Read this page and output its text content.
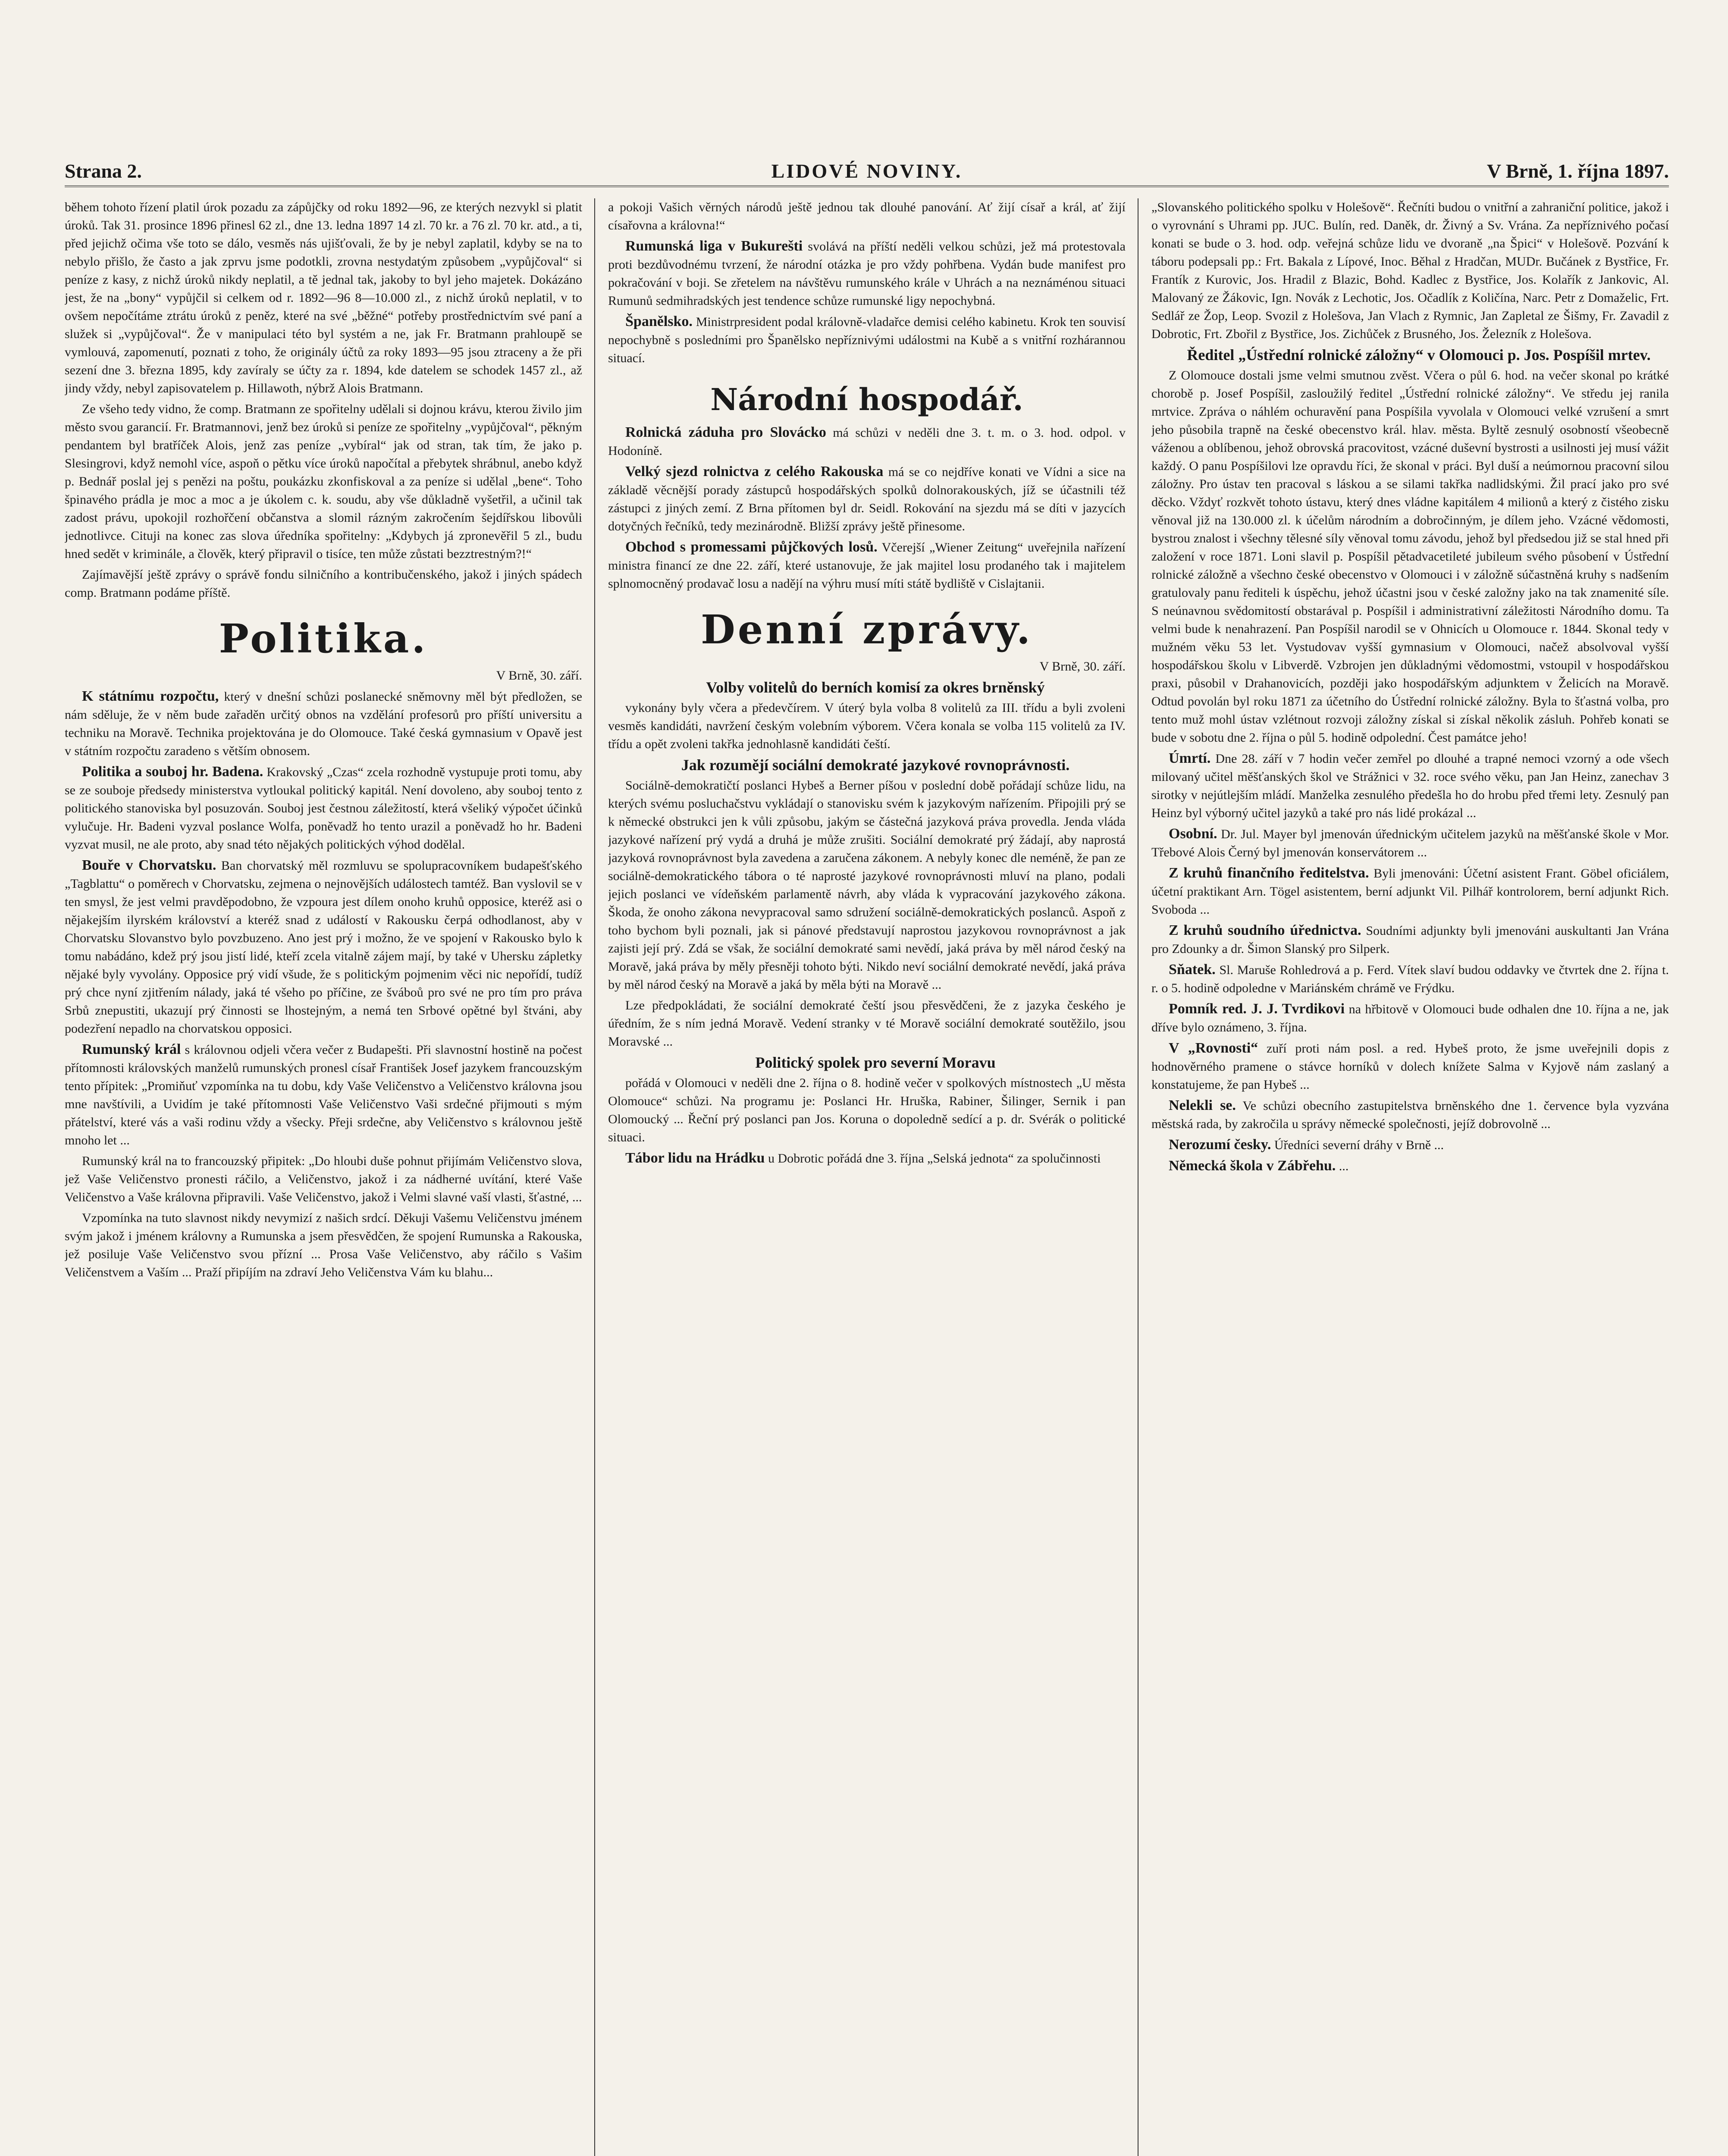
Strana 2.	LIDOVÉ NOVINY.	V Brně, 1. října 1897.

během tohoto řízení platil úrok pozadu za zápůjčky od roku 1892—96, ze kterých nezvykl si platit úroků. Tak 31. prosince 1896 přinesl 62 zl., dne 13. ledna 1897 14 zl. 70 kr. a 76 zl. 70 kr. atd., a ti, před jejichž očima vše toto se dálo, vesměs nás ujišťovali, že by je nebyl zaplatil, kdyby se na to nebylo přišlo, že často a jak zprvu jsme podotkli, zrovna nestydatým způsobem „vypůjčoval“ si peníze z kasy, z nichž úroků nikdy neplatil, a tě jednal tak, jakoby to byl jeho majetek. Dokázáno jest, že na „bony“ vypůjčil si celkem od r. 1892—96 8—10.000 zl., z nichž úroků neplatil, v to ovšem nepočítáme ztrátu úroků z peněz, které na své „běžné“ potřeby prostřednictvím své paní a služek si „vypůjčoval“. Že v manipulaci této byl systém a ne, jak Fr. Bratmann prahloupě se vymlouvá, zapomenutí, poznati z toho, že originály účtů za roky 1893—95 jsou ztraceny a že při sezení dne 3. března 1895, kdy zavíraly se účty za r. 1894, kde datelem se schodek 1457 zl., až jindy vždy, nebyl zapisovatelem p. Hillawoth, nýbrž Alois Bratmann.

Ze všeho tedy vidno, že comp. Bratmann ze spořitelny udělali si dojnou krávu, kterou živilo jim město svou garancií. Fr. Bratmannovi, jenž bez úroků si peníze ze spořitelny „vypůjčoval“, pěkným pendantem byl bratříček Alois, jenž zas peníze „vybíral“ jak od stran, tak tím, že jako p. Slesingrovi, když nemohl více, aspoň o pětku více úroků napočítal a přebytek shrábnul, anebo když p. Bednář poslal jej s penězi na poštu, poukázku zkonfiskoval a za peníze si udělal „bene“. Toho špinavého prádla je moc a moc a je úkolem c. k. soudu, aby vše důkladně vyšetřil, a učinil tak zadost právu, upokojil rozhořčení občanstva a slomil rázným zakročením šejdířskou libovůli jednotlivce. Cituji na konec zas slova úředníka spořitelny: „Kdybych já zpronevěřil 5 zl., budu hned sedět v kriminále, a člověk, který připravil o tisíce, ten může zůstati bezztrestným?!“

Zajímavější ještě zprávy o správě fondu silničního a kontribučenského, jakož i jiných spádech comp. Bratmann podáme příště.

Politika.

V Brně, 30. září.

K státnímu rozpočtu, který v dnešní schůzi poslanecké sněmovny měl být předložen, se nám sděluje, že v něm bude zařaděn určitý obnos na vzdělání profesorů pro příští universitu a techniku na Moravě. Technika projektována je do Olomouce. Také česká gymnasium v Opavě jest v státním rozpočtu zaradeno s větším obnosem.

Politika a souboj hr. Badena. Krakovský „Czas“ zcela rozhodně vystupuje proti tomu, aby se ze souboje předsedy ministerstva vytloukal politický kapitál. Není dovoleno, aby souboj tento z politického stanoviska byl posuzován. Souboj jest čestnou záležitostí, která všeliký výpočet účinků vylučuje. Hr. Badeni vyzval poslance Wolfa, poněvadž ho tento urazil a poněvadž ho hr. Badeni vyzvat musil, ne ale proto, aby snad této nějakých politických výhod dodělal.

Bouře v Chorvatsku. Ban chorvatský měl rozmluvu se spolupracovníkem budapešťského „Tagblattu“ o poměrech v Chorvatsku, zejmena o nejnovějších událostech tamtéž. Ban vyslovil se v ten smysl, že jest velmi pravděpodobno, že vzpoura jest dílem onoho kruhů opposice, kteréž asi o nějakejším ilyrském království a kteréž snad z událostí v Rakousku čerpá odhodlanost, aby v Chorvatsku Slovanstvo bylo povzbuzeno. Ano jest prý i možno, že ve spojení v Rakousko bylo k tomu nabádáno, kdež prý jsou jistí lidé, kteří zcela vitalně zájem mají, by také v Uhersku zápletky nějaké byly vyvolány. Opposice prý vidí všude, že s politickým pojmenim věci nic nepořídí, tudíž prý chce nyní zjitřením nálady, jaká té všeho po příčine, ze šváboů pro své ne pro tím pro práva Srbů znepustiti, ukazují prý činnosti se lhostejným, a nemá ten Srbové opětné byl štváni, aby podezření nepadlo na chorvatskou opposici.

Rumunský král s královnou odjeli včera večer z Budapešti. Při slavnostní hostině na počest přítomnosti královských manželů rumunských pronesl císař František Josef jazykem francouzským tento přípitek: „Promiňuť vzpomínka na tu dobu, kdy Vaše Veličenstvo a Veličenstvo královna jsou mne navštívili, a Uvidím je také přítomnosti Vaše Veličenstvo Vaši srdečné přijmouti s mým přátelství, které vás a vaši rodinu vždy a všecky. Přeji srdečne, aby Veličenstvo s královnou ještě mnoho let ...

Rumunský král na to francouzský připitek: „Do hloubi duše pohnut přijímám Veličenstvo slova, jež Vaše Veličenstvo pronesti ráčilo, a Veličenstvo, jakož i za nádherné uvítání, které Vaše Veličenstvo a Vaše královna připravili. Vaše Veličenstvo, jakož i Velmi slavné vaší vlasti, šťastné, ...

Vzpomínka na tuto slavnost nikdy nevymizí z našich srdcí. Děkuji Vašemu Veličenstvu jménem svým jakož i jménem královny a Rumunska a jsem přesvědčen, že spojení Rumunska a Rakouska, jež posiluje Vaše Veličenstvo svou přízní ... Prosa Vaše Veličenstvo, aby ráčilo s Vašim Veličenstvem a Vaším ... Praží připíjím na zdraví Jeho Veličenstva Vám ku blahu...

a pokoji Vašich věrných národů ještě jednou tak dlouhé panování. Ať žijí císař a král, ať žijí císařovna a královna!“

Rumunská liga v Bukurešti svolává na příští neděli velkou schůzi, jež má protestovala proti bezdůvodnému tvrzení, že národní otázka je pro vždy pohřbena. Vydán bude manifest pro pokračování v boji. Se zřetelem na návštěvu rumunského krále v Uhrách a na neznáménou situaci Rumunů sedmihradských jest tendence schůze rumunské ligy nepochybná.

Španělsko. Ministrpresident podal královně-vladařce demisi celého kabinetu. Krok ten souvisí nepochybně s posledními pro Španělsko nepříznivými událostmi na Kubě a s vnitřní rozhárannou situací.

Národní hospodář.

Rolnická záduha pro Slovácko má schůzi v neděli dne 3. t. m. o 3. hod. odpol. v Hodoníně.

Velký sjezd rolnictva z celého Rakouska má se co nejdříve konati ve Vídni a sice na základě věcnější porady zástupců hospodářských spolků dolnorakouských, jíž se účastnili též zástupci z jiných zemí. Z Brna přítomen byl dr. Seidl. Rokování na sjezdu má se díti v jazycích dotyčných řečníků, tedy mezinárodně. Bližší zprávy ještě přinesome.

Obchod s promessami půjčkových losů. Včerejší „Wiener Zeitung“ uveřejnila nařízení ministra financí ze dne 22. září, které ustanovuje, že jak majitel losu prodaného tak i majitelem splnomocněný prodavač losu a nadějí na výhru musí míti státě bydliště v Cislajtanii.

Denní zprávy.

V Brně, 30. září.

Volby volitelů do berních komisí za okres brněnský

vykonány byly včera a předevčírem. V úterý byla volba 8 volitelů za III. třídu a byli zvoleni vesměs kandidáti, navržení českým volebním výborem. Včera konala se volba 115 volitelů za IV. třídu a opět zvoleni takřka jednohlasně kandidáti čeští.

Jak rozumějí sociální demokraté jazykové rovnoprávnosti.

Sociálně-demokratičtí poslanci Hybeš a Berner píšou v poslední době pořádají schůze lidu, na kterých svému posluchačstvu vykládají o stanovisku svém k jazykovým nařízením. Připojili prý se k německé obstrukci jen k vůli způsobu, jakým se částečná jazyková práva provedla. Jenda vláda jazykové nařízení prý vydá a druhá je může zrušiti. Sociální demokraté prý žádají, aby naprostá jazyková rovnoprávnost byla zavedena a zaručena zákonem. A nebyly konec dle neméně, že pan ze sociálně-demokratického tábora o té naprosté jazykové rovnoprávnosti mluví na plano, podali jejich poslanci ve vídeňském parlamentě návrh, aby vláda k vypracování jazykového zákona. Škoda, že onoho zákona nevypracoval samo sdružení sociálně-demokratických poslanců. Aspoň z toho bychom byli poznali, jak si pánové představují naprostou jazykovou rovnoprávnost a jak zajisti její prý. Zdá se však, že sociální demokraté sami nevědí, jaká práva by měl národ český na Moravě, jaká práva by měly přesněji tohoto býti. Nikdo neví sociální demokraté nevědí, jaká práva by měl národ český na Moravě a jaká by měla býti na Moravě ...

Lze předpokládati, že sociální demokraté čeští jsou přesvědčeni, že z jazyka českého je úředním, že s ním jedná Moravě. Vedení stranky v té Moravě sociální demokraté soutěžilo, jsou Moravské ...

Politický spolek pro severní Moravu

pořádá v Olomouci v neděli dne 2. října o 8. hodině večer v spolkových místnostech „U města Olomouce“ schůzi. Na programu je: Poslanci Hr. Hruška, Rabiner, Šilinger, Sernik i pan Olomoucký ... Řeční prý poslanci pan Jos. Koruna o dopoledně sedící a p. dr. Svérák o politické situaci.

Tábor lidu na Hrádku u Dobrotic pořádá dne 3. října „Selská jednota“ za spolučinnosti

„Slovanského politického spolku v Holešově“. Řečníti budou o vnitřní a zahraniční politice, jakož i o vyrovnání s Uhrami pp. JUC. Bulín, red. Daněk, dr. Živný a Sv. Vrána. Za nepříznivého počasí konati se bude o 3. hod. odp. veřejná schůze lidu ve dvoraně „na Špici“ v Holešově. Pozvání k táboru podepsali pp.: Frt. Bakala z Lípové, Inoc. Běhal z Hradčan, MUDr. Bučánek z Bystřice, Fr. Frantík z Kurovic, Jos. Hradil z Blazic, Bohd. Kadlec z Bystřice, Jos. Kolařík z Jankovic, Al. Malovaný ze Žákovic, Ign. Novák z Lechotic, Jos. Očadlík z Količína, Narc. Petr z Domaželic, Frt. Sedlář ze Žop, Leop. Svozil z Holešova, Jan Vlach z Rymnic, Jan Zapletal ze Šišmy, Fr. Zavadil z Dobrotic, Frt. Zbořil z Bystřice, Jos. Zichůček z Brusného, Jos. Železník z Holešova.

Ředitel „Ústřední rolnické záložny“ v Olomouci p. Jos. Pospíšil mrtev.

Z Olomouce dostali jsme velmi smutnou zvěst. Včera o půl 6. hod. na večer skonal po krátké chorobě p. Josef Pospíšil, zasloužilý ředitel „Ústřední rolnické záložny“. Ve středu jej ranila mrtvice. Zpráva o náhlém ochuravění pana Pospíšila vyvolala v Olomouci velké vzrušení a smrt jeho působila trapně na české obecenstvo král. hlav. města. Byltě zesnulý osobností všeobecně váženou a oblíbenou, jehož obrovská pracovitost, vzácné duševní bystrosti a usilnosti jej musí vážit každý. O panu Pospíšilovi lze opravdu říci, že skonal v práci. Byl duší a neúmornou pracovní silou záložny. Pro ústav ten pracoval s láskou a se silami takřka nadlidskými. Žil prací jako pro své děcko. Vždyť rozkvět tohoto ústavu, který dnes vládne kapitálem 4 milionů a který z čistého zisku věnoval již na 130.000 zl. k účelům národním a dobročinným, je dílem jeho. Vzácné vědomosti, bystrou znalost i všechny tělesné síly věnoval tomu závodu, jehož byl předsedou již se stal hned při založení v roce 1871. Loni slavil p. Pospíšil pětadvacetileté jubileum svého působení v Ústřední rolnické záložně a všechno české obecenstvo v Olomouci i v záložně súčastněná kruhy s nadšením gratulovaly panu řediteli k úspěchu, jehož účastni jsou v české založny jako na tak znamenité síle. S neúnavnou svědomitostí obstarával p. Pospíšil i administrativní záležitosti Národního domu. Ta velmi bude k nenahrazení. Pan Pospíšil narodil se v Ohnicích u Olomouce r. 1844. Skonal tedy v mužném věku 53 let. Vystudovav vyšší gymnasium v Olomouci, načež absolvoval vyšší hospodářskou školu v Libverdě. Vzbrojen jen důkladnými vědomostmi, vstoupil v hospodářskou praxi, působil v Drahanovicích, později jako hospodářským adjunktem v Želicích na Moravě. Odtud povolán byl roku 1871 za účetního do Ústřední rolnické záložny. Byla to šťastná volba, pro tento muž mohl ústav vzlétnout rozvoji záložny získal si získal několik zásluh. Pohřeb konati se bude v sobotu dne 2. října o půl 5. hodině odpolední. Čest památce jeho!

Úmrtí. Dne 28. září v 7 hodin večer zemřel po dlouhé a trapné nemoci vzorný a ode všech milovaný učitel měšťanských škol ve Strážnici v 32. roce svého věku, pan Jan Heinz, zanechav 3 sirotky v nejútlejším mládí. Manželka zesnulého předešla ho do hrobu před třemi lety. Zesnulý pan Heinz byl výborný učitel jazyků a také pro nás lidé prokázal ...

Osobní. Dr. Jul. Mayer byl jmenován úřednickým učitelem jazyků na měšťanské škole v Mor. Třebové Alois Černý byl jmenován konservátorem ...

Z kruhů finančního ředitelstva. Byli jmenováni: Účetní asistent Frant. Göbel oficiálem, účetní praktikant Arn. Tögel asistentem, berní adjunkt Vil. Pilhář kontrolorem, berní adjunkt Rich. Svoboda ...

Z kruhů soudního úřednictva. Soudními adjunkty byli jmenováni auskultanti Jan Vrána pro Zdounky a dr. Šimon Slanský pro Silperk.

Sňatek. Sl. Maruše Rohledrová a p. Ferd. Vítek slaví budou oddavky ve čtvrtek dne 2. října t. r. o 5. hodině odpoledne v Mariánském chrámě ve Frýdku.

Pomník red. J. J. Tvrdikovi na hřbitově v Olomouci bude odhalen dne 10. října a ne, jak dříve bylo oznámeno, 3. října.

V „Rovnosti“ zuří proti nám posl. a red. Hybeš proto, že jsme uveřejnili dopis z hodnověrného pramene o stávce horníků v dolech knížete Salma v Kyjově nám zaslaný a konstatujeme, že pan Hybeš ...

Nelekli se. Ve schůzi obecního zastupitelstva brněnského dne 1. července byla vyzvána městská rada, by zakročila u správy německé společnosti, jejíž dobrovolně ...

Nerozumí česky. Úředníci severní dráhy v Brně ...

Německá škola v Zábřehu. ...
